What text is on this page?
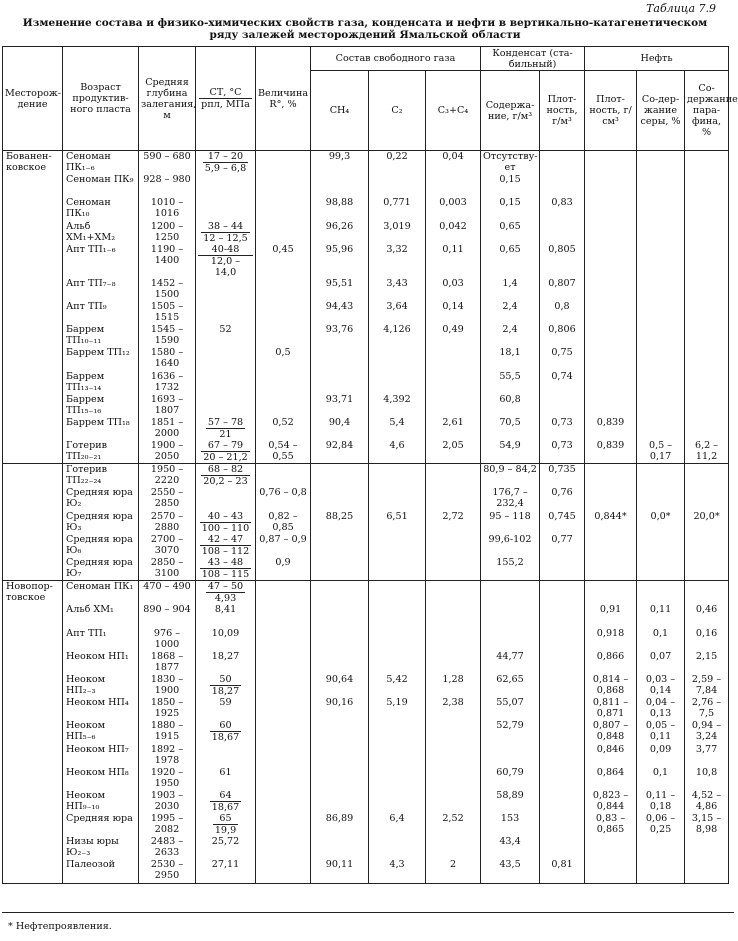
Таблица 7.9
Изменение состава и физико-химических свойств газа, конденсата и нефти в вертикально-катагенетическом ряду залежей месторождений Ямальской области
Месторож-дение	Возраст продуктив-ного пласта	Средняя глубина залегания, м	$\frac{СТ, ^\circ С}{\text{pпл, МПа}}$	Величина R°, %	Состав свободного газа			Конденсат (ста-бильный)		Нефть		
					CH₄	C₂	C₃+C₄	Содержа-ние, г/м³	Плот-ность, г/м³	Плот-ность, г/см³	Со-дер-жание серы, %	Со-держание пара-фина, %
Бованен-ковское	Сеноман ПК₁₋₆	590 – 680	$\frac{17 - 20}{5,9 - 6,8}$		99,3	0,22	0,04	Отсутству-ет				
	Сеноман ПК₉	928 – 980						0,15				
	Сеноман ПК₁₀	1010 – 1016			98,88	0,771	0,003	0,15	0,83			
	Альб ХМ₁+ХМ₂	1200 – 1250	$\frac{38 - 44}{12 - 12,5}$		96,26	3,019	0,042	0,65				
	Апт ТП₁₋₆	1190 – 1400	$\frac{40-48}{12,0 - 14,0}$	0,45	95,96	3,32	0,11	0,65	0,805			
	Апт ТП₇₋₈	1452 – 1500			95,51	3,43	0,03	1,4	0,807			
	Апт ТП₉	1505 – 1515			94,43	3,64	0,14	2,4	0,8			
	Баррем ТП₁₀₋₁₁	1545 – 1590	52		93,76	4,126	0,49	2,4	0,806			
	Баррем ТП₁₂	1580 – 1640		0,5				18,1	0,75			
	Баррем ТП₁₃₋₁₄	1636 – 1732						55,5	0,74			
	Баррем ТП₁₅₋₁₆	1693 – 1807			93,71	4,392		60,8				
	Баррем ТП₁₈	1851 – 2000	$\frac{57 - 78}{21}$	0,52	90,4	5,4	2,61	70,5	0,73	0,839		
	Готерив ТП₂₀₋₂₁	1900 – 2050	$\frac{67 - 79}{20 - 21,2}$	0,54 – 0,55	92,84	4,6	2,05	54,9	0,73	0,839	0,5 – 0,17	6,2 – 11,2
	Готерив ТП₂₂₋₂₄	1950 – 2220	$\frac{68 - 82}{20,2 - 23}$					80,9 – 84,2	0,735			
	Средняя юра Ю₂	2550 – 2850		0,76 – 0,8				176,7 – 232,4	0,76			
	Средняя юра Ю₃	2570 – 2880	$\frac{40 - 43}{100 - 110}$	0,82 – 0,85	88,25	6,51	2,72	95 – 118	0,745	0,844*	0,0*	20,0*
	Средняя юра Ю₆	2700 – 3070	$\frac{42 - 47}{108 - 112}$	0,87 – 0,9				99,6-102	0,77			
	Средняя юра Ю₇	2850 – 3100	$\frac{43 - 48}{108 - 115}$	0,9				155,2				
Новопор-товское	Сеноман ПК₁	470 – 490	$\frac{47 - 50}{4,93}$

	Альб ХМ₁	890 – 904	8,41							0,91	0,11	0,46
	Апт ТП₁	976 – 1000	10,09							0,918	0,1	0,16
	Неоком НП₁	1868 – 1877	18,27					44,77		0,866	0,07	2,15
	Неоком НП₂₋₃	1830 – 1900	$\frac{50}{18,27}$		90,64	5,42	1,28	62,65		0,814 – 0,868	0,03 – 0,14	2,59 – 7,84
	Неоком НП₄	1850 – 1925	59		90,16	5,19	2,38	55,07		0,811 – 0,871	0,04 – 0,13	2,76 – 7,5
	Неоком НП₅₋₆	1880 – 1915	$\frac{60}{18,67}$					52,79		0,807 – 0,848	0,05 – 0,11	0,94 – 3,24
	Неоком НП₇	1892 – 1978								0,846	0,09	3,77
	Неоком НП₈	1920 – 1950	61					60,79		0,864	0,1	10,8
	Неоком НП₉₋₁₀	1903 – 2030	$\frac{64}{18,67}$					58,89		0,823 – 0,844	0,11 – 0,18	4,52 – 4,86
	Средняя юра	1995 – 2082	$\frac{65}{19,9}$		86,89	6,4	2,52	153		0,83 – 0,865	0,06 – 0,25	3,15 – 8,98
	Низы юры Ю₂₋₃	2483 – 2633	25,72					43,4				
	Палеозой	2530 – 2950	27,11		90,11	4,3	2	43,5	0,81			
* Нефтепроявления.
